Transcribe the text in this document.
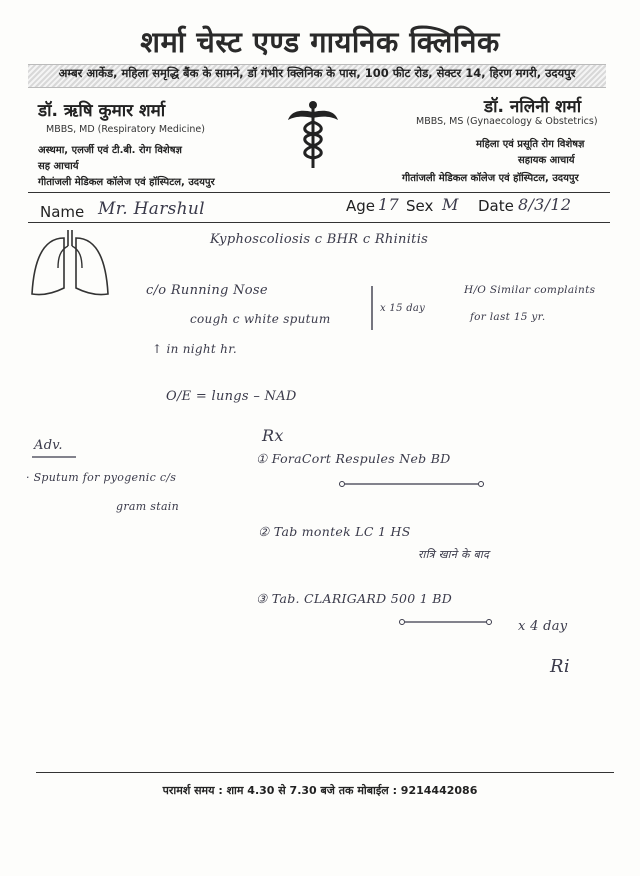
शर्मा चेस्ट एण्ड गायनिक क्लिनिक
अम्बर आर्केड, महिला समृद्धि बैंक के सामने, डॉ गंभीर क्लिनिक के पास, 100 फीट रोड, सेक्टर 14, हिरण मगरी, उदयपुर
डॉ. ऋषि कुमार शर्मा
MBBS, MD (Respiratory Medicine)
अस्थमा, एलर्जी एवं टी.बी. रोग विशेषज्ञ
सह आचार्य
गीतांजली मेडिकल कॉलेज एवं हॉस्पिटल, उदयपुर
डॉ. नलिनी शर्मा
MBBS, MS (Gynaecology & Obstetrics)
महिला एवं प्रसूति रोग विशेषज्ञ
सहायक आचार्य
गीतांजली मेडिकल कॉलेज एवं हॉस्पिटल, उदयपुर
Name Mr. Harshul	Age 17 Sex M Date 8/3/12
Kyphoscoliosis c BHR c Rhinitis
c/o Running Nose
cough c white sputum
x 15 day
H/O Similar complaints
for last 15 yr.
↑ in night hr.
O/E = lungs – NAD
Adv.
· Sputum for pyogenic c/s
gram stain
Rx
① ForaCort Respules Neb BD
② Tab montek LC 1 HS
रात्रि खाने के बाद
③ Tab. CLARIGARD 500 1 BD
x 4 day
Ri
परामर्श समय : शाम 4.30 से 7.30 बजे तक मोबाईल : 9214442086
